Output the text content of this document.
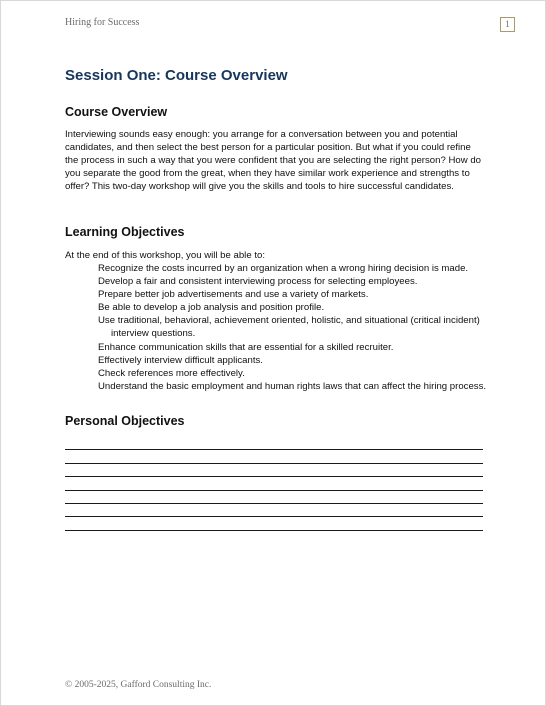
Hiring for Success	1
Session One: Course Overview
Course Overview

Interviewing sounds easy enough: you arrange for a conversation between you and potential candidates, and then select the best person for a particular position. But what if you could refine the process in such a way that you were confident that you are selecting the right person? How do you separate the good from the great, when they have similar work experience and strengths to offer? This two-day workshop will give you the skills and tools to hire successful candidates.

Learning Objectives

At the end of this workshop, you will be able to:

Recognize the costs incurred by an organization when a wrong hiring decision is made.
Develop a fair and consistent interviewing process for selecting employees.
Prepare better job advertisements and use a variety of markets.
Be able to develop a job analysis and position profile.
Use traditional, behavioral, achievement oriented, holistic, and situational (critical incident) interview questions.
Enhance communication skills that are essential for a skilled recruiter.
Effectively interview difficult applicants.
Check references more effectively.
Understand the basic employment and human rights laws that can affect the hiring process.
Personal Objectives
© 2005-2025, Gafford Consulting Inc.
